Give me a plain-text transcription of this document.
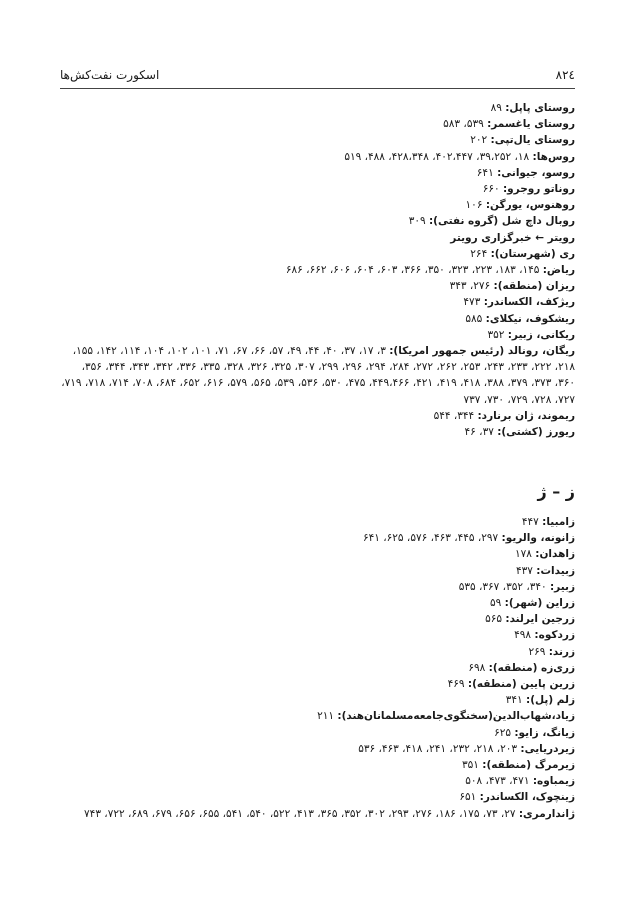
۸۲٤
اسکورت نفت‌کش‌ها

روستای پاپل: ۸۹

روستای یاغسمر: ۵۳۹، ۵۸۳

روستای یال‌تپی: ۲۰۲

روس‌ها: ۱۸، ۳۹،۲۵۲، ۴۰۲،۴۴۷، ۴۲۸،۳۴۸، ۴۸۸، ۵۱۹

روسو، جیوانی: ۶۴۱

روناتو روجرو: ۶۶۰

روهنوس، یورگن: ۱۰۶

روبال داچ شل (گروه نفتی): ۳۰۹

رویتر ← خبرگزاری رویتر

ری (شهرستان): ۲۶۴

ریاض: ۱۴۵، ۱۸۳، ۲۲۳، ۳۲۳، ۳۵۰، ۳۶۶، ۶۰۳، ۶۰۴، ۶۰۶، ۶۶۲، ۶۸۶

ریزان (منطقه): ۲۷۶، ۳۴۳

ریژکف، الکساندر: ۴۷۳

ریشکوف، نیکلای: ۵۸۵

ریکانی، زبیر: ۳۵۲

ریگان، رونالد (رئیس جمهور امریکا): ۳، ۱۷، ۳۷، ۴۰، ۴۴، ۴۹، ۵۷، ۶۶، ۶۷، ۷۱، ۱۰۱، ۱۰۲، ۱۰۴، ۱۱۴، ۱۴۲، ۱۵۵، ۲۱۸، ۲۲۲، ۲۳۳، ۲۴۳، ۲۵۳، ۲۶۲، ۲۷۲، ۲۸۴، ۲۹۴، ۲۹۶، ۲۹۹، ۳۰۷، ۳۲۵، ۳۲۶، ۳۲۸، ۳۳۵، ۳۳۶، ۳۴۲، ۳۴۳، ۳۴۴، ۳۵۶، ۳۶۰، ۳۷۳، ۳۷۹، ۳۸۸، ۴۱۸، ۴۱۹، ۴۲۱، ۴۴۹،۴۶۶، ۴۷۵، ۵۳۰، ۵۳۶، ۵۳۹، ۵۶۵، ۵۷۹، ۶۱۶، ۶۵۲، ۶۸۴، ۷۰۸، ۷۱۴، ۷۱۸، ۷۱۹، ۷۲۷، ۷۲۸، ۷۲۹، ۷۳۰، ۷۳۷

ریموند، ژان برنارد: ۳۴۴، ۵۴۴

ریورز (کشتی): ۳۷، ۴۶

ز – ژ

زامبیا: ۴۴۷

زانونه، والریو: ۲۹۷، ۴۴۵، ۴۶۳، ۵۷۶، ۶۲۵، ۶۴۱

زاهدان: ۱۷۸

زبیدات: ۴۳۷

زبیر: ۳۴۰، ۳۵۲، ۳۶۷، ۵۳۵

زراین (شهر): ۵۹

زرجین ایرلند: ۵۶۵

زردکوه: ۴۹۸

زرند: ۲۶۹

زری‌زه (منطقه): ۶۹۸

زرین پایین (منطقه): ۴۶۹

زلم (پل): ۳۴۱

زیاد،شهاب‌الدین(سخنگوی‌جامعه‌مسلمانان‌هند): ۲۱۱

زیانگ، زایو: ۶۲۵

زیردریایی: ۲۰۳، ۲۱۸، ۲۳۲، ۲۴۱، ۴۱۸، ۴۶۳، ۵۳۶

زیرمرگ (منطقه): ۳۵۱

زیمباوه: ۴۷۱، ۴۷۳، ۵۰۸

زینچوک، الکساندر: ۶۵۱

ژاندارمری: ۲۷، ۷۳، ۱۷۵، ۱۸۶، ۲۷۶، ۲۹۳، ۳۰۲، ۳۵۲، ۳۶۵، ۴۱۳، ۵۲۲، ۵۴۰، ۵۴۱، ۶۵۵، ۶۵۶، ۶۷۹، ۶۸۹، ۷۲۲، ۷۴۳
